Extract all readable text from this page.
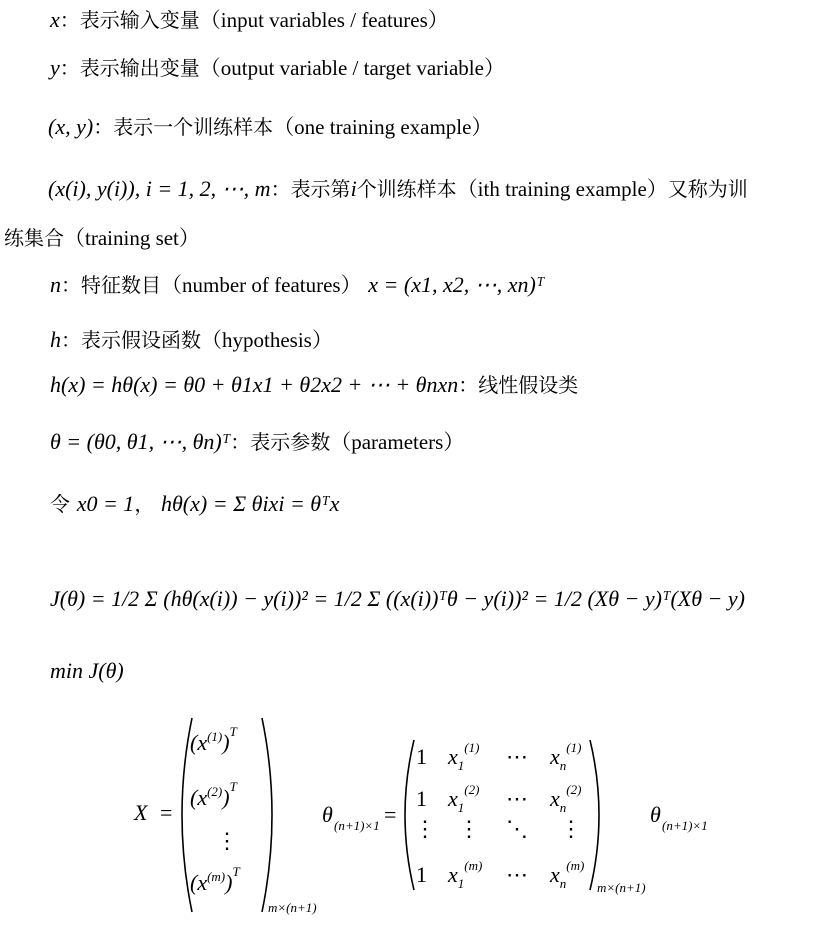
x：表示输入变量（input variables / features）
y：表示输出变量（output variable / target variable）
(x, y)：表示一个训练样本（one training example）
(x(i), y(i)), i = 1, 2, ⋯, m：表示第i个训练样本（ith training example）又称为训
练集合（training set）
n：特征数目（number of features） x = (x1, x2, ⋯, xn)ᵀ
h：表示假设函数（hypothesis）
h(x) = hθ(x) = θ0 + θ1x1 + θ2x2 + ⋯ + θnxn：线性假设类
θ = (θ0, θ1, ⋯, θn)ᵀ：表示参数（parameters）
令 x0 = 1， hθ(x) = Σ θixi = θᵀx
J(θ) = 1/2 Σ (hθ(x(i)) − y(i))² = 1/2 Σ ((x(i))ᵀθ − y(i))² = 1/2 (Xθ − y)ᵀ(Xθ − y)
min J(θ)
X =
$(x^{(1)})^T$
$(x^{(2)})^T$
⋮
$(x^{(m)})^T$
m×(n+1)
θ (n+1)×1 =
1 $x_1^{(1)}$ ⋯ $x_n^{(1)}$
1 $x_1^{(2)}$ ⋯ $x_n^{(2)}$
⋮ ⋮ ⋱ ⋮
1 $x_1^{(m)}$ ⋯ $x_n^{(m)}$
m×(n+1)
θ (n+1)×1
